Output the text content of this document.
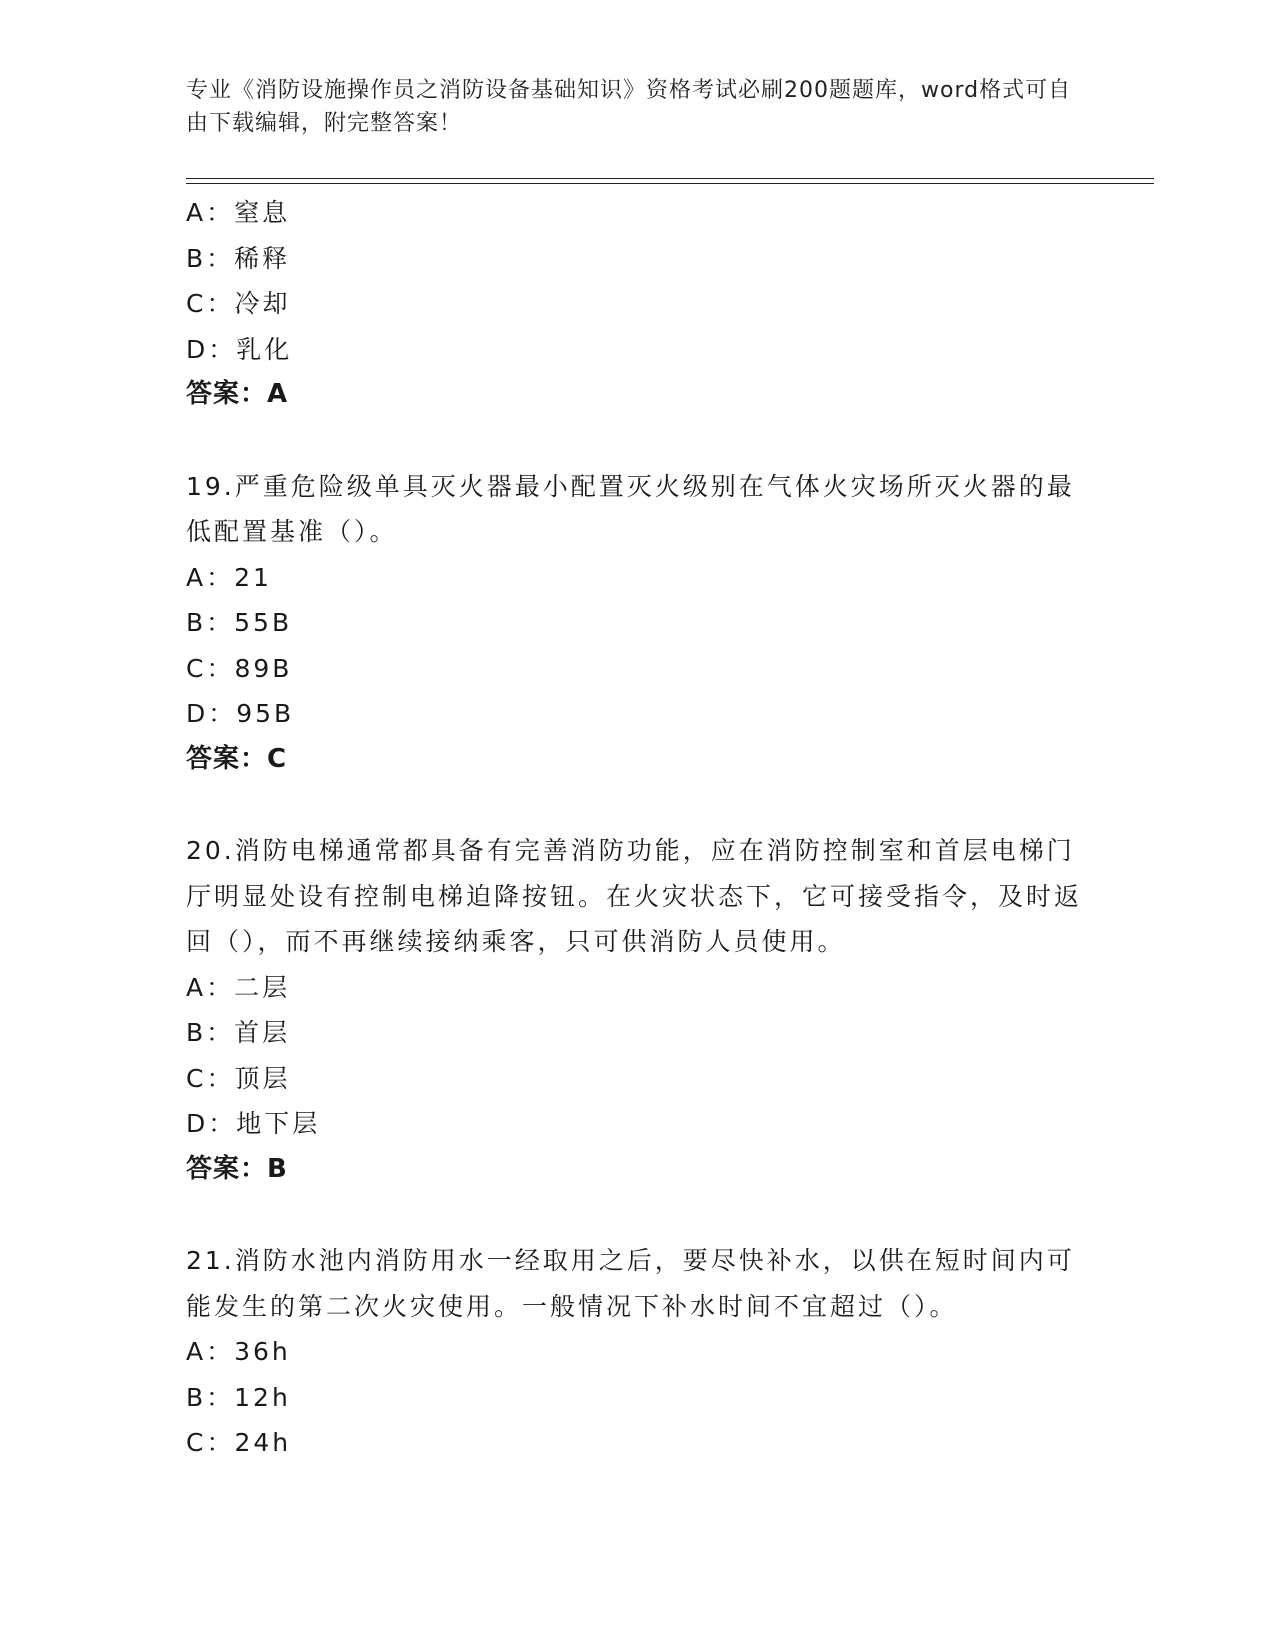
专业《消防设施操作员之消防设备基础知识》资格考试必刷200题题库，word格式可自由下载编辑，附完整答案！
A：窒息
B：稀释
C：冷却
D：乳化
答案：A
19.严重危险级单具灭火器最小配置灭火级别在气体火灾场所灭火器的最低配置基准（）。
A：21
B：55B
C：89B
D：95B
答案：C
20.消防电梯通常都具备有完善消防功能，应在消防控制室和首层电梯门厅明显处设有控制电梯迫降按钮。在火灾状态下，它可接受指令，及时返回（），而不再继续接纳乘客，只可供消防人员使用。
A：二层
B：首层
C：顶层
D：地下层
答案：B
21.消防水池内消防用水一经取用之后，要尽快补水，以供在短时间内可能发生的第二次火灾使用。一般情况下补水时间不宜超过（）。
A：36h
B：12h
C：24h
